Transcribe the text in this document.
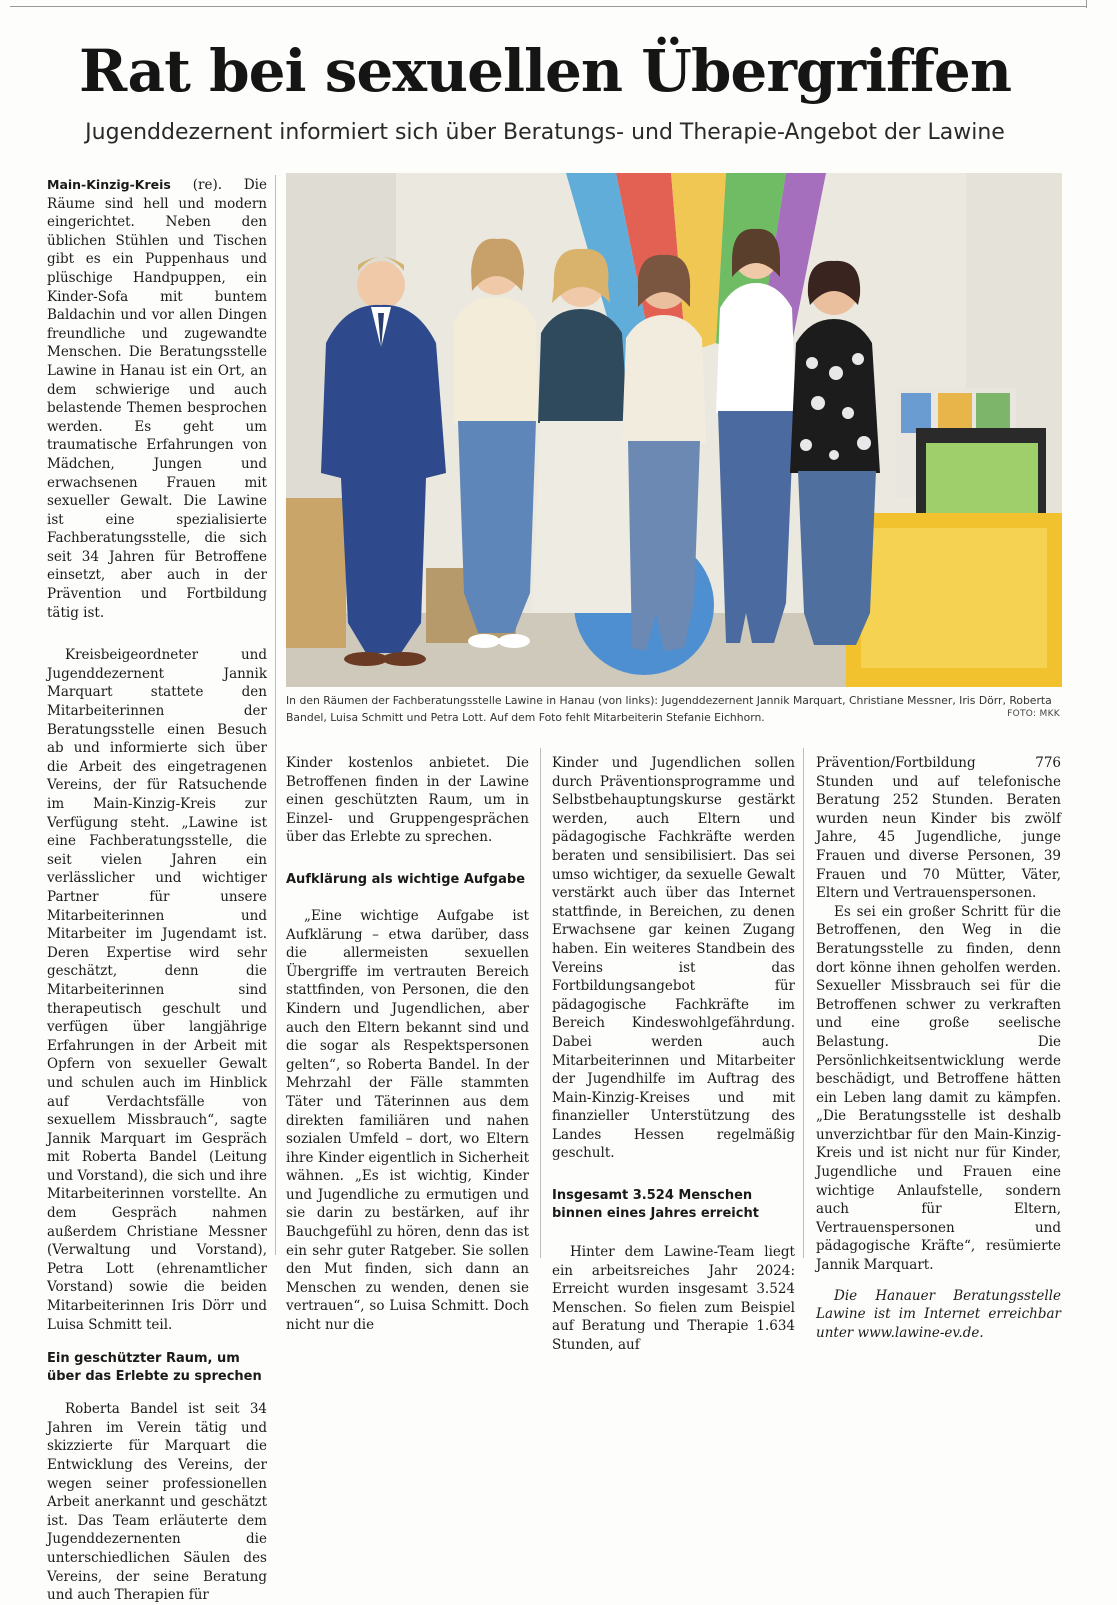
Rat bei sexuellen Übergriffen
Jugenddezernent informiert sich über Beratungs- und Therapie-Angebot der Lawine

Main-Kinzig-Kreis (re). Die Räume sind hell und modern eingerichtet. Neben den üblichen Stühlen und Tischen gibt es ein Puppenhaus und plüschige Handpuppen, ein Kinder-Sofa mit buntem Baldachin und vor allen Dingen freundliche und zugewandte Menschen. Die Beratungsstelle Lawine in Hanau ist ein Ort, an dem schwierige und auch belastende Themen besprochen werden. Es geht um traumatische Erfahrungen von Mädchen, Jungen und erwachsenen Frauen mit sexueller Gewalt. Die Lawine ist eine spezialisierte Fachberatungsstelle, die sich seit 34 Jahren für Betroffene einsetzt, aber auch in der Prävention und Fortbildung tätig ist.

Kreisbeigeordneter und Jugenddezernent Jannik Marquart stattete den Mitarbeiterinnen der Beratungsstelle einen Besuch ab und informierte sich über die Arbeit des eingetragenen Vereins, der für Ratsuchende im Main-Kinzig-Kreis zur Verfügung steht. „Lawine ist eine Fachberatungsstelle, die seit vielen Jahren ein verlässlicher und wichtiger Partner für unsere Mitarbeiterinnen und Mitarbeiter im Jugendamt ist. Deren Expertise wird sehr geschätzt, denn die Mitarbeiterinnen sind therapeutisch geschult und verfügen über langjährige Erfahrungen in der Arbeit mit Opfern von sexueller Gewalt und schulen auch im Hinblick auf Verdachtsfälle von sexuellem Missbrauch“, sagte Jannik Marquart im Gespräch mit Roberta Bandel (Leitung und Vorstand), die sich und ihre Mitarbeiterinnen vorstellte. An dem Gespräch nahmen außerdem Christiane Messner (Verwaltung und Vorstand), Petra Lott (ehrenamtlicher Vorstand) sowie die beiden Mitarbeiterinnen Iris Dörr und Luisa Schmitt teil.

Ein geschützter Raum, um über das Erlebte zu sprechen

Roberta Bandel ist seit 34 Jahren im Verein tätig und skizzierte für Marquart die Entwicklung des Vereins, der wegen seiner professionellen Arbeit anerkannt und geschätzt ist. Das Team erläuterte dem Jugenddezernenten die unterschiedlichen Säulen des Vereins, der seine Beratung und auch Therapien für

In den Räumen der Fachberatungsstelle Lawine in Hanau (von links): Jugenddezernent Jannik Marquart, Christiane Messner, Iris Dörr, Roberta Bandel, Luisa Schmitt und Petra Lott. Auf dem Foto fehlt Mitarbeiterin Stefanie Eichhorn.	FOTO: MKK

Kinder kostenlos anbietet. Die Betroffenen finden in der Lawine einen geschützten Raum, um in Einzel- und Gruppengesprächen über das Erlebte zu sprechen.

Aufklärung als wichtige Aufgabe

„Eine wichtige Aufgabe ist Aufklärung – etwa darüber, dass die allermeisten sexuellen Übergriffe im vertrauten Bereich stattfinden, von Personen, die den Kindern und Jugendlichen, aber auch den Eltern bekannt sind und die sogar als Respektspersonen gelten“, so Roberta Bandel. In der Mehrzahl der Fälle stammten Täter und Täterinnen aus dem direkten familiären und nahen sozialen Umfeld – dort, wo Eltern ihre Kinder eigentlich in Sicherheit wähnen. „Es ist wichtig, Kinder und Jugendliche zu ermutigen und sie darin zu bestärken, auf ihr Bauchgefühl zu hören, denn das ist ein sehr guter Ratgeber. Sie sollen den Mut finden, sich dann an Menschen zu wenden, denen sie vertrauen“, so Luisa Schmitt. Doch nicht nur die

Kinder und Jugendlichen sollen durch Präventionsprogramme und Selbstbehauptungskurse gestärkt werden, auch Eltern und pädagogische Fachkräfte werden beraten und sensibilisiert. Das sei umso wichtiger, da sexuelle Gewalt verstärkt auch über das Internet stattfinde, in Bereichen, zu denen Erwachsene gar keinen Zugang haben. Ein weiteres Standbein des Vereins ist das Fortbildungsangebot für pädagogische Fachkräfte im Bereich Kindeswohlgefährdung. Dabei werden auch Mitarbeiterinnen und Mitarbeiter der Jugendhilfe im Auftrag des Main-Kinzig-Kreises und mit finanzieller Unterstützung des Landes Hessen regelmäßig geschult.

Insgesamt 3.524 Menschen binnen eines Jahres erreicht

Hinter dem Lawine-Team liegt ein arbeitsreiches Jahr 2024: Erreicht wurden insgesamt 3.524 Menschen. So fielen zum Beispiel auf Beratung und Therapie 1.634 Stunden, auf

Prävention/Fortbildung 776 Stunden und auf telefonische Beratung 252 Stunden. Beraten wurden neun Kinder bis zwölf Jahre, 45 Jugendliche, junge Frauen und diverse Personen, 39 Frauen und 70 Mütter, Väter, Eltern und Vertrauenspersonen.

Es sei ein großer Schritt für die Betroffenen, den Weg in die Beratungsstelle zu finden, denn dort könne ihnen geholfen werden. Sexueller Missbrauch sei für die Betroffenen schwer zu verkraften und eine große seelische Belastung. Die Persönlichkeitsentwicklung werde beschädigt, und Betroffene hätten ein Leben lang damit zu kämpfen. „Die Beratungsstelle ist deshalb unverzichtbar für den Main-Kinzig-Kreis und ist nicht nur für Kinder, Jugendliche und Frauen eine wichtige Anlaufstelle, sondern auch für Eltern, Vertrauenspersonen und pädagogische Kräfte“, resümierte Jannik Marquart.

Die Hanauer Beratungsstelle Lawine ist im Internet erreichbar unter www.lawine-ev.de.
